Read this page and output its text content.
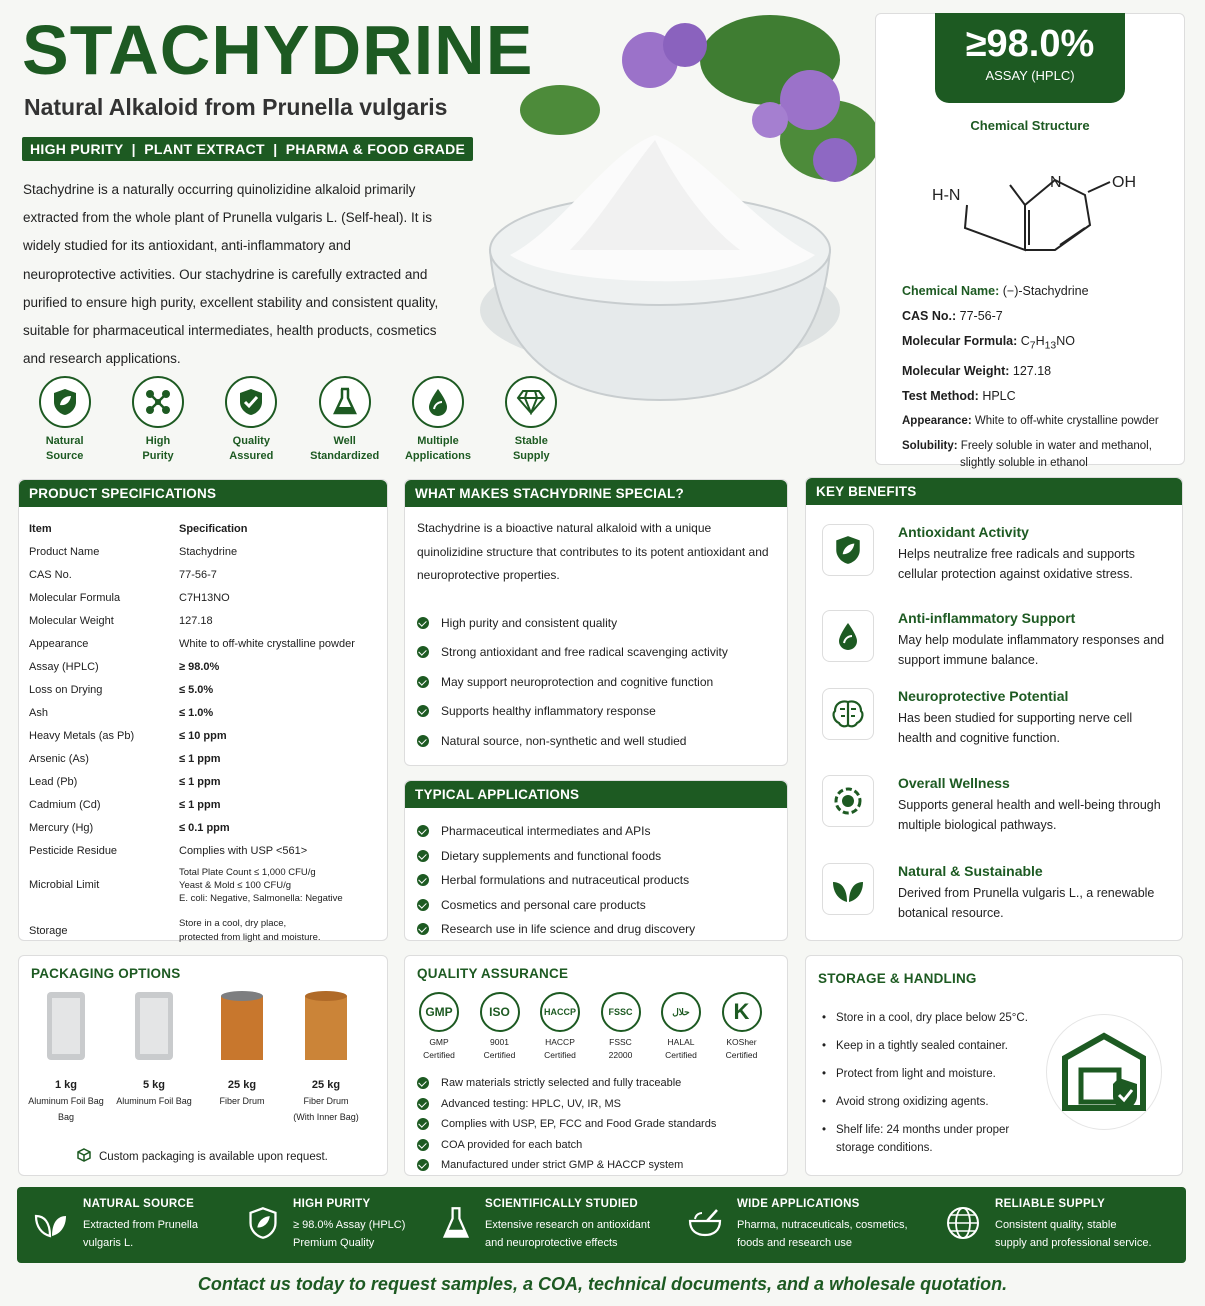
STACHYDRINE
Natural Alkaloid from Prunella vulgaris
HIGH PURITY  |  PLANT EXTRACT  |  PHARMA & FOOD GRADE
Stachydrine is a naturally occurring quinolizidine alkaloid primarily extracted from the whole plant of Prunella vulgaris L. (Self-heal). It is widely studied for its antioxidant, anti-inflammatory and neuroprotective activities. Our stachydrine is carefully extracted and purified to ensure high purity, excellent stability and consistent quality, suitable for pharmaceutical intermediates, health products, cosmetics and research applications.
Natural
Source
High
Purity
Quality
Assured
Well
Standardized
Multiple
Applications
Stable
Supply
≥98.0%
ASSAY (HPLC)
Chemical Structure
H-N
N	OH
Chemical Name: (−)-Stachydrine
CAS No.: 77-56-7
Molecular Formula: $C_7H_{13}NO$
Molecular Weight: 127.18
Test Method: HPLC
Appearance: White to off-white crystalline powder
Solubility: Freely soluble in water and methanol,
slightly soluble in ethanol
PRODUCT SPECIFICATIONS
Item	Specification
Product Name	Stachydrine
CAS No.	77-56-7
Molecular Formula	C7H13NO
Molecular Weight	127.18
Appearance	White to off-white crystalline powder
Assay (HPLC)	≥ 98.0%
Loss on Drying	≤ 5.0%
Ash	≤ 1.0%
Heavy Metals (as Pb)	≤ 10 ppm
Arsenic (As)	≤ 1 ppm
Lead (Pb)	≤ 1 ppm
Cadmium (Cd)	≤ 1 ppm
Mercury (Hg)	≤ 0.1 ppm
Pesticide Residue	Complies with USP <561>
Microbial Limit	Total Plate Count ≤ 1,000 CFU/g
Yeast & Mold ≤ 100 CFU/g
E. coli: Negative, Salmonella: Negative
Storage	Store in a cool, dry place,
protected from light and moisture.
WHAT MAKES STACHYDRINE SPECIAL?
Stachydrine is a bioactive natural alkaloid with a unique quinolizidine structure that contributes to its potent antioxidant and neuroprotective properties.
High purity and consistent quality
Strong antioxidant and free radical scavenging activity
May support neuroprotection and cognitive function
Supports healthy inflammatory response
Natural source, non-synthetic and well studied
TYPICAL APPLICATIONS
Pharmaceutical intermediates and APIs
Dietary supplements and functional foods
Herbal formulations and nutraceutical products
Cosmetics and personal care products
Research use in life science and drug discovery
KEY BENEFITS
Antioxidant Activity
Helps neutralize free radicals and supports cellular protection against oxidative stress.
Anti-inflammatory Support
May help modulate inflammatory responses and support immune balance.
Neuroprotective Potential
Has been studied for supporting nerve cell health and cognitive function.
Overall Wellness
Supports general health and well-being through multiple biological pathways.
Natural & Sustainable
Derived from Prunella vulgaris L., a renewable botanical resource.
PACKAGING OPTIONS
1 kg
Aluminum Foil Bag
Bag
5 kg
Aluminum Foil Bag
25 kg
Fiber Drum
25 kg
Fiber Drum
(With Inner Bag)
Custom packaging is available upon request.
QUALITY ASSURANCE
GMP
GMP
Certified
ISO
9001
Certified
HACCP
HACCP
Certified
FSSC
FSSC
22000
حلال
HALAL
Certified
K
KOSher
Certified
Raw materials strictly selected and fully traceable
Advanced testing: HPLC, UV, IR, MS
Complies with USP, EP, FCC and Food Grade standards
COA provided for each batch
Manufactured under strict GMP & HACCP system
STORAGE & HANDLING
• Store in a cool, dry place below 25°C.
• Keep in a tightly sealed container.
• Protect from light and moisture.
• Avoid strong oxidizing agents.
• Shelf life: 24 months under proper storage conditions.
NATURAL SOURCE
Extracted from Prunella
vulgaris L.
HIGH PURITY
≥ 98.0% Assay (HPLC)
Premium Quality
SCIENTIFICALLY STUDIED
Extensive research on antioxidant
and neuroprotective effects
WIDE APPLICATIONS
Pharma, nutraceuticals, cosmetics,
foods and research use
RELIABLE SUPPLY
Consistent quality, stable
supply and professional service.
Contact us today to request samples, a COA, technical documents, and a wholesale quotation.
